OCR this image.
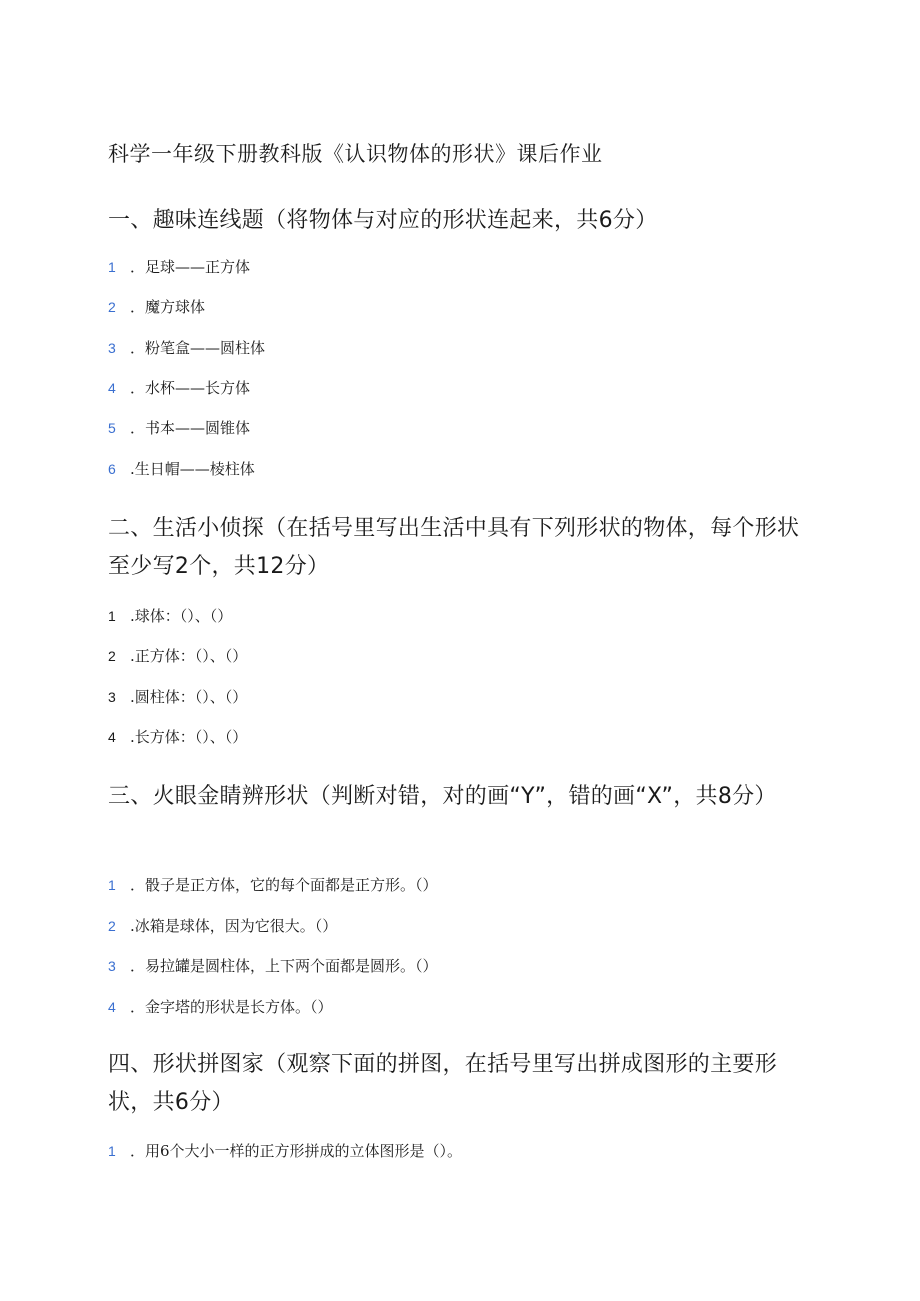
科学一年级下册教科版《认识物体的形状》课后作业
一、趣味连线题（将物体与对应的形状连起来，共6分）
1 ．足球——正方体
2 ．魔方球体
3 ．粉笔盒——圆柱体
4 ．水杯——长方体
5 ．书本——圆锥体
6 .生日帽——棱柱体
二、生活小侦探（在括号里写出生活中具有下列形状的物体，每个形状至少写2个，共12分）
1 .球体：（）、（）
2 .正方体：（）、（）
3 .圆柱体：（）、（）
4 .长方体：（）、（）
三、火眼金睛辨形状（判断对错，对的画“Y”，错的画“X”，共8分）
1 ．骰子是正方体，它的每个面都是正方形。（）
2 .冰箱是球体，因为它很大。（）
3 ．易拉罐是圆柱体，上下两个面都是圆形。（）
4 ．金字塔的形状是长方体。（）
四、形状拼图家（观察下面的拼图，在括号里写出拼成图形的主要形状，共6分）
1 ．用6个大小一样的正方形拼成的立体图形是（）。
